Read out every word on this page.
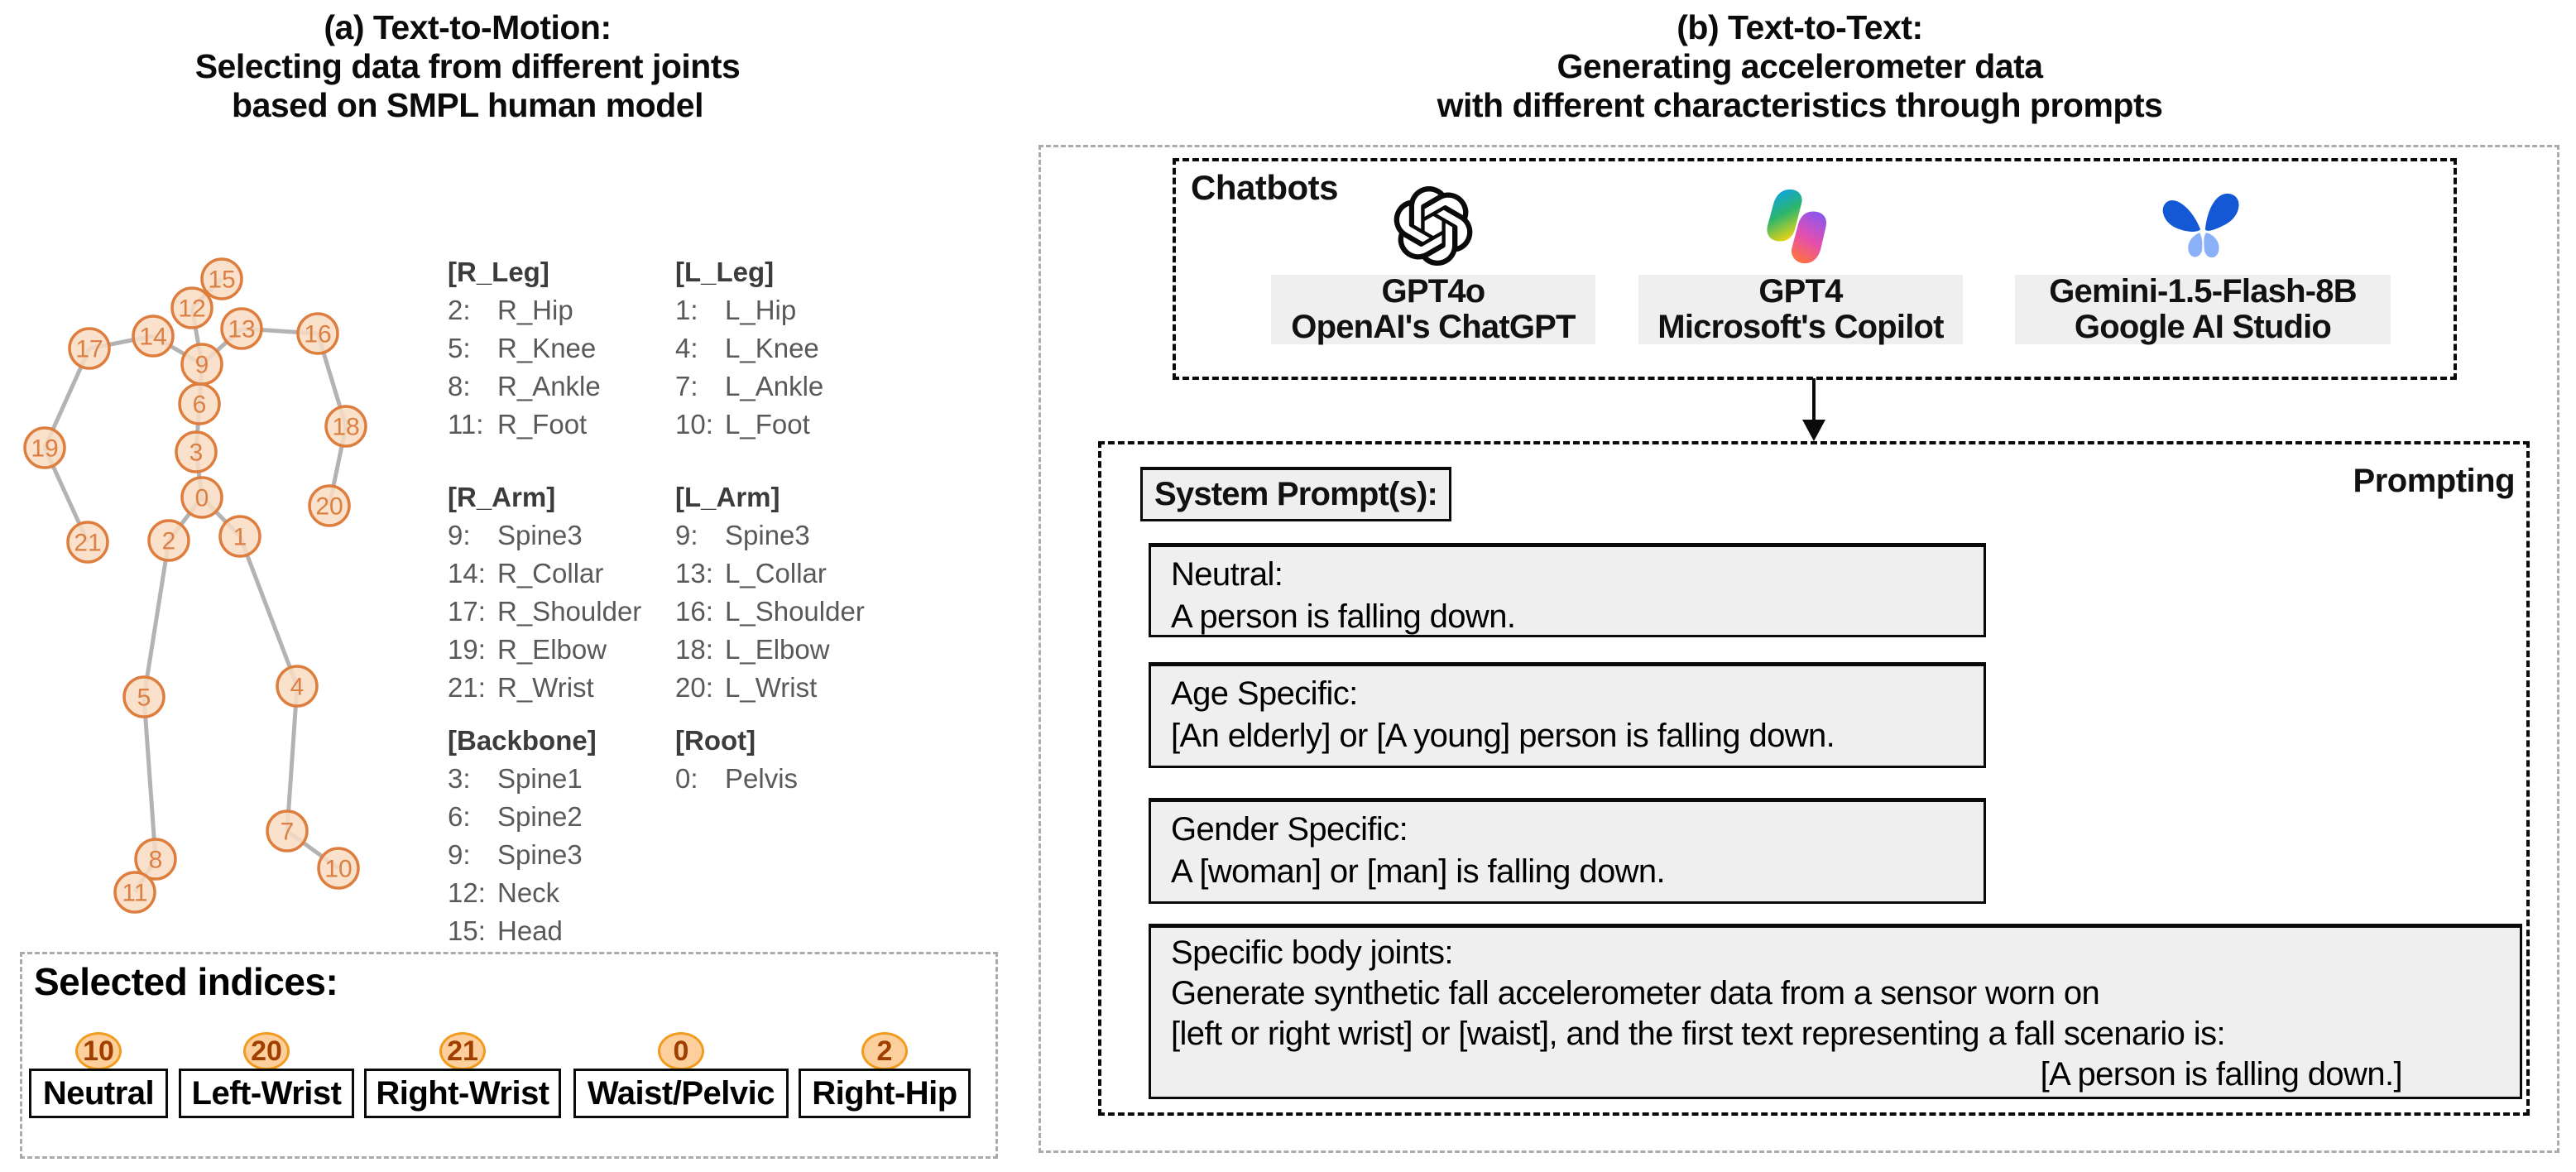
(a) Text-to-Motion:
Selecting data from different joints
based on SMPL human model
0
1
2
3
4
5
6
7
8
9
10
11
12
13
14
15
16
17
18
19
20
21
[R_Leg]
2: R_Hip
5: R_Knee
8: R_Ankle
11: R_Foot
[L_Leg]
1: L_Hip
4: L_Knee
7: L_Ankle
10: L_Foot
[R_Arm]
9: Spine3
14: R_Collar
17: R_Shoulder
19: R_Elbow
21: R_Wrist
[L_Arm]
9: Spine3
13: L_Collar
16: L_Shoulder
18: L_Elbow
20: L_Wrist
[Backbone]
3: Spine1
6: Spine2
9: Spine3
12: Neck
15: Head
[Root]
0: Pelvis
Selected indices:
10
Neutral
20
Left-Wrist
21
Right-Wrist
0
Waist/Pelvic
2
Right-Hip
(b) Text-to-Text:
Generating accelerometer data
with different characteristics through prompts
Chatbots
GPT4o
OpenAI's ChatGPT
GPT4
Microsoft's Copilot
Gemini-1.5-Flash-8B
Google AI Studio
Prompting
System Prompt(s):
Neutral:
A person is falling down.
Age Specific:
[An elderly] or [A young] person is falling down.
Gender Specific:
A [woman] or [man] is falling down.
Specific body joints:
Generate synthetic fall accelerometer data from a sensor worn on
[left or right wrist] or [waist], and the first text representing a fall scenario is:
[A person is falling down.]
